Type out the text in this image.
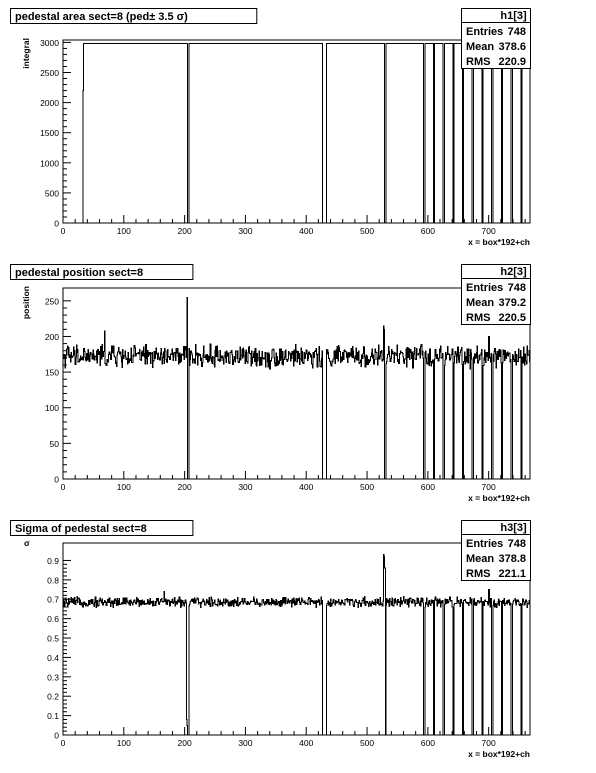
pedestal area sect=8 (ped± 3.5 σ)
0
500
1000
1500
2000
2500
3000
0	100	200	300	400	500	600	700
x = box*192+ch
integral
h1[3]
Entries 748
Mean 378.6
RMS 220.9
pedestal position sect=8
0
50
100
150
200
250
0	100	200	300	400	500	600	700
x = box*192+ch
position
h2[3]
Entries 748
Mean 379.2
RMS 220.5
Sigma of pedestal sect=8
0
0.1
0.2
0.3
0.4
0.5
0.6
0.7
0.8
0.9
0	100	200	300	400	500	600	700
x = box*192+ch
σ
h3[3]
Entries 748
Mean 378.8
RMS 221.1
